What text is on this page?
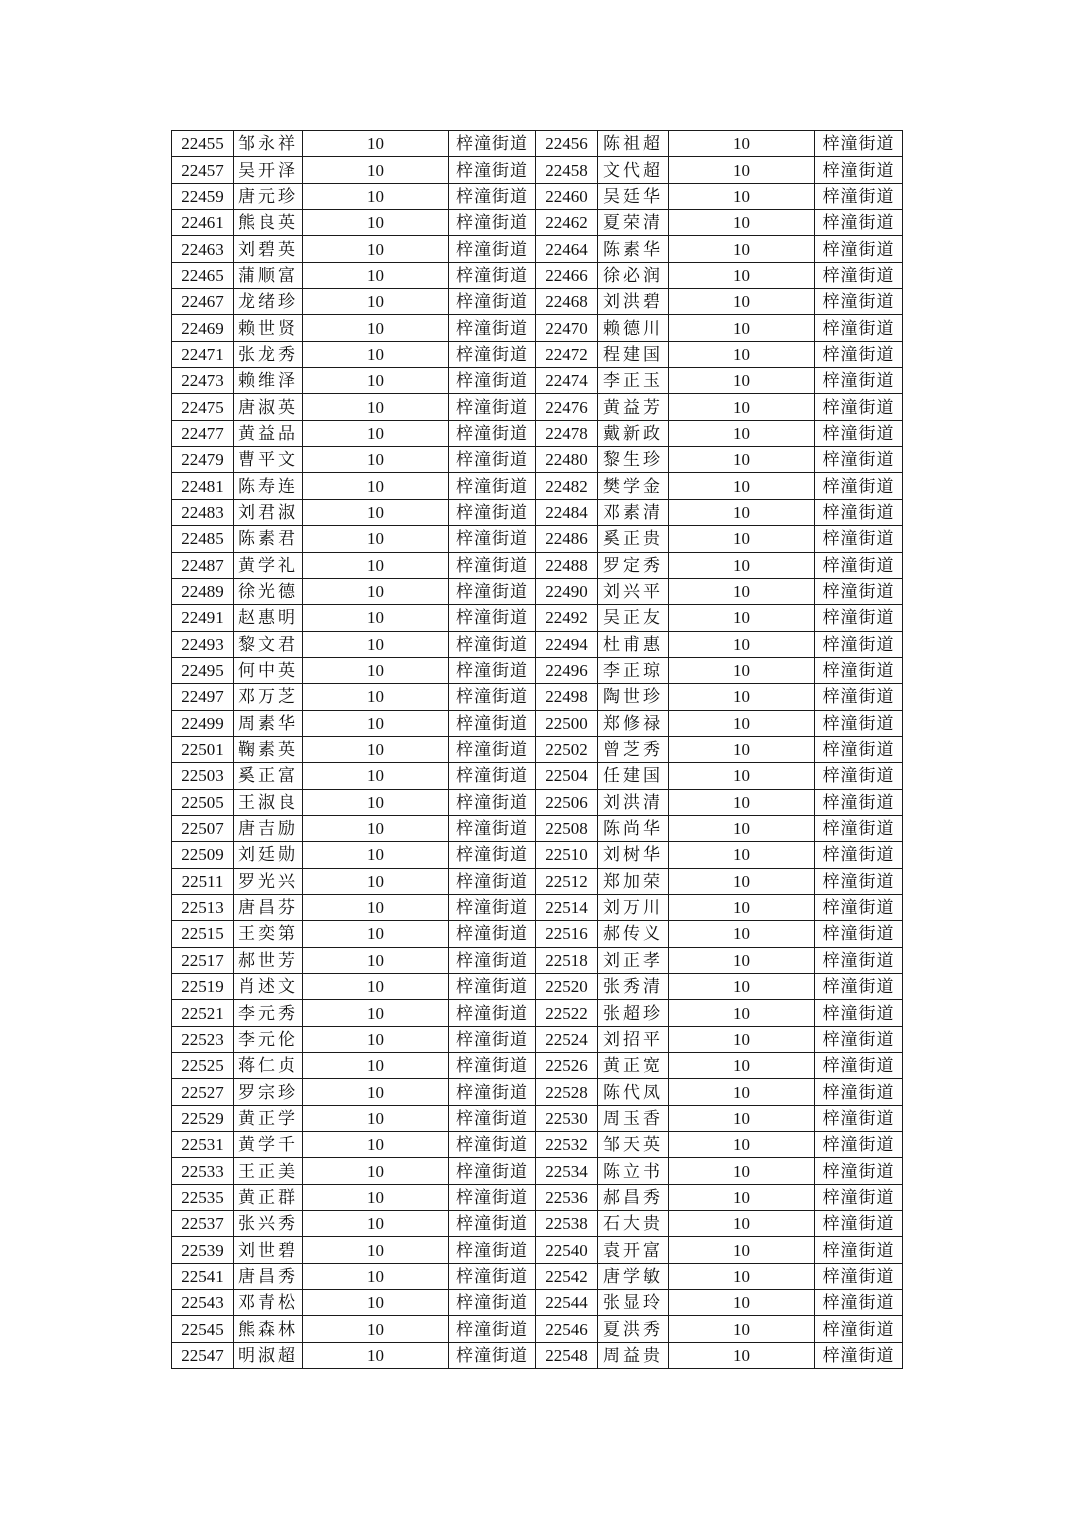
22455	邹永祥	10	梓潼街道	22456	陈祖超	10	梓潼街道
22457	吴开泽	10	梓潼街道	22458	文代超	10	梓潼街道
22459	唐元珍	10	梓潼街道	22460	吴廷华	10	梓潼街道
22461	熊良英	10	梓潼街道	22462	夏荣清	10	梓潼街道
22463	刘碧英	10	梓潼街道	22464	陈素华	10	梓潼街道
22465	蒲顺富	10	梓潼街道	22466	徐必润	10	梓潼街道
22467	龙绪珍	10	梓潼街道	22468	刘洪碧	10	梓潼街道
22469	赖世贤	10	梓潼街道	22470	赖德川	10	梓潼街道
22471	张龙秀	10	梓潼街道	22472	程建国	10	梓潼街道
22473	赖维泽	10	梓潼街道	22474	李正玉	10	梓潼街道
22475	唐淑英	10	梓潼街道	22476	黄益芳	10	梓潼街道
22477	黄益品	10	梓潼街道	22478	戴新政	10	梓潼街道
22479	曹平文	10	梓潼街道	22480	黎生珍	10	梓潼街道
22481	陈寿连	10	梓潼街道	22482	樊学金	10	梓潼街道
22483	刘君淑	10	梓潼街道	22484	邓素清	10	梓潼街道
22485	陈素君	10	梓潼街道	22486	奚正贵	10	梓潼街道
22487	黄学礼	10	梓潼街道	22488	罗定秀	10	梓潼街道
22489	徐光德	10	梓潼街道	22490	刘兴平	10	梓潼街道
22491	赵惠明	10	梓潼街道	22492	吴正友	10	梓潼街道
22493	黎文君	10	梓潼街道	22494	杜甫惠	10	梓潼街道
22495	何中英	10	梓潼街道	22496	李正琼	10	梓潼街道
22497	邓万芝	10	梓潼街道	22498	陶世珍	10	梓潼街道
22499	周素华	10	梓潼街道	22500	郑修禄	10	梓潼街道
22501	鞠素英	10	梓潼街道	22502	曾芝秀	10	梓潼街道
22503	奚正富	10	梓潼街道	22504	任建国	10	梓潼街道
22505	王淑良	10	梓潼街道	22506	刘洪清	10	梓潼街道
22507	唐吉励	10	梓潼街道	22508	陈尚华	10	梓潼街道
22509	刘廷勋	10	梓潼街道	22510	刘树华	10	梓潼街道
22511	罗光兴	10	梓潼街道	22512	郑加荣	10	梓潼街道
22513	唐昌芬	10	梓潼街道	22514	刘万川	10	梓潼街道
22515	王奕第	10	梓潼街道	22516	郝传义	10	梓潼街道
22517	郝世芳	10	梓潼街道	22518	刘正孝	10	梓潼街道
22519	肖述文	10	梓潼街道	22520	张秀清	10	梓潼街道
22521	李元秀	10	梓潼街道	22522	张超珍	10	梓潼街道
22523	李元伦	10	梓潼街道	22524	刘招平	10	梓潼街道
22525	蒋仁贞	10	梓潼街道	22526	黄正宽	10	梓潼街道
22527	罗宗珍	10	梓潼街道	22528	陈代凤	10	梓潼街道
22529	黄正学	10	梓潼街道	22530	周玉香	10	梓潼街道
22531	黄学千	10	梓潼街道	22532	邹天英	10	梓潼街道
22533	王正美	10	梓潼街道	22534	陈立书	10	梓潼街道
22535	黄正群	10	梓潼街道	22536	郝昌秀	10	梓潼街道
22537	张兴秀	10	梓潼街道	22538	石大贵	10	梓潼街道
22539	刘世碧	10	梓潼街道	22540	袁开富	10	梓潼街道
22541	唐昌秀	10	梓潼街道	22542	唐学敏	10	梓潼街道
22543	邓青松	10	梓潼街道	22544	张显玲	10	梓潼街道
22545	熊森林	10	梓潼街道	22546	夏洪秀	10	梓潼街道
22547	明淑超	10	梓潼街道	22548	周益贵	10	梓潼街道
